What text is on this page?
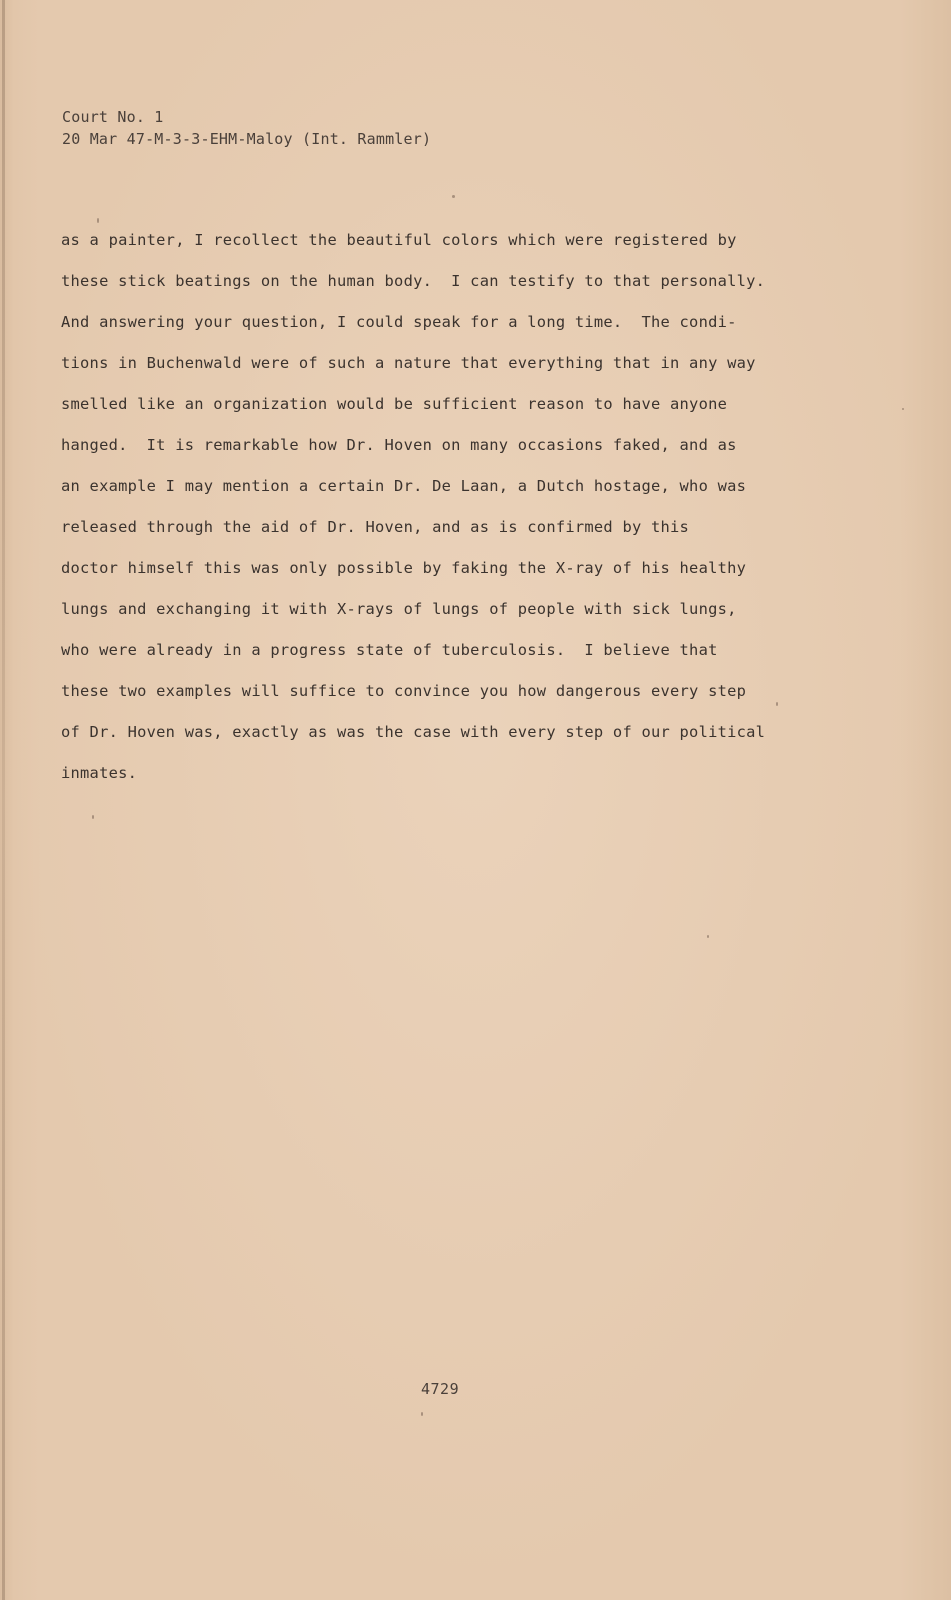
Court No. 1
20 Mar 47-M-3-3-EHM-Maloy (Int. Rammler)
as a painter, I recollect the beautiful colors which were registered by
these stick beatings on the human body.  I can testify to that personally.
And answering your question, I could speak for a long time.  The condi-
tions in Buchenwald were of such a nature that everything that in any way
smelled like an organization would be sufficient reason to have anyone
hanged.  It is remarkable how Dr. Hoven on many occasions faked, and as
an example I may mention a certain Dr. De Laan, a Dutch hostage, who was
released through the aid of Dr. Hoven, and as is confirmed by this
doctor himself this was only possible by faking the X-ray of his healthy
lungs and exchanging it with X-rays of lungs of people with sick lungs,
who were already in a progress state of tuberculosis.  I believe that
these two examples will suffice to convince you how dangerous every step
of Dr. Hoven was, exactly as was the case with every step of our political
inmates.
4729
